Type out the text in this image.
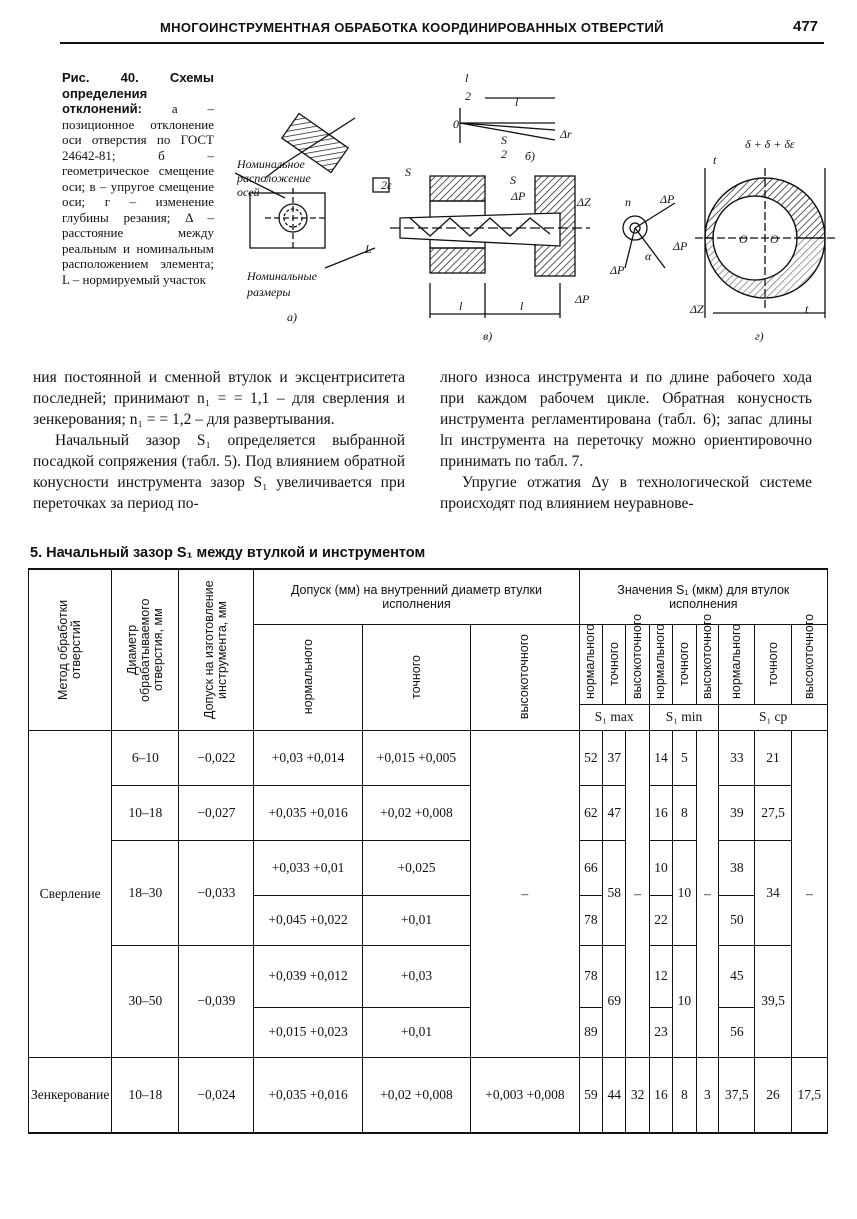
МНОГОИНСТРУМЕНТНАЯ ОБРАБОТКА КООРДИНИРОВАННЫХ ОТВЕРСТИЙ	477
Рис. 40. Схемы определения отклонений: а – позиционное отклонение оси отверстия по ГОСТ 24642-81; б – геометрическое смещение оси; в – упругое смещение оси; г – изменение глубины резания; Δ – расстояние между реальным и номинальным расположением элемента; L – нормируемый участок
Номинальное
расположение
осей
Номинальные
размеры
а)
б)
в)	г)
0
Δr
l
l
2
S
2
S
2ε	S
ΔP	ΔZ
ΔP
l	l
n ΔP
ΔP
α
ΔP
δ + δ + δε
t
t
O O
ΔZ
L

ния постоянной и сменной втулок и эксцентриситета последней; принимают n₁ = = 1,1 – для сверления и зенкерования; n₁ = = 1,2 – для развертывания.

Начальный зазор S₁ определяется выбранной посадкой сопряжения (табл. 5). Под влиянием обратной конусности инструмента зазор S₁ увеличивается при переточках за период по-

лного износа инструмента и по длине рабочего хода при каждом рабочем цикле. Обратная конусность инструмента регламентирована (табл. 6); запас длины lп инструмента на переточку можно ориентировочно принимать по табл. 7.

Упругие отжатия Δу в технологической системе происходят под влиянием неуравнове-

5. Начальный зазор S₁ между втулкой и инструментом
Метод обработки отверстий	Диаметр обрабатываемого отверстия, мм	Допуск на изготовление инструмента, мм	Допуск (мм) на внутренний диаметр втулки исполнения			Значения S₁ (мкм) для втулок исполнения								

			нормального	точного	высокоточного	нормального	точного	высокоточного	нормального	точного	высокоточного	нормального	точного	высокоточного

						S₁ max			S₁ min			S₁ ср		
Сверление	6–10	−0,022	+0,03 +0,014	+0,015 +0,005	–	52	37	–	14	5	–	33	21	–
	10–18	−0,027	+0,035 +0,016	+0,02 +0,008		62	47		16	8		39	27,5	
	18–30	−0,033	+0,033 +0,01	+0,025		66	58		10	10		38	34	
			+0,045 +0,022	+0,01		78			22			50		
	30–50	−0,039	+0,039 +0,012	+0,03		78	69		12	10		45	39,5	
			+0,015 +0,023	+0,01		89			23			56		
Зенкерование	10–18	−0,024	+0,035 +0,016	+0,02 +0,008	+0,003 +0,008	59	44	32	16	8	3	37,5	26	17,5
